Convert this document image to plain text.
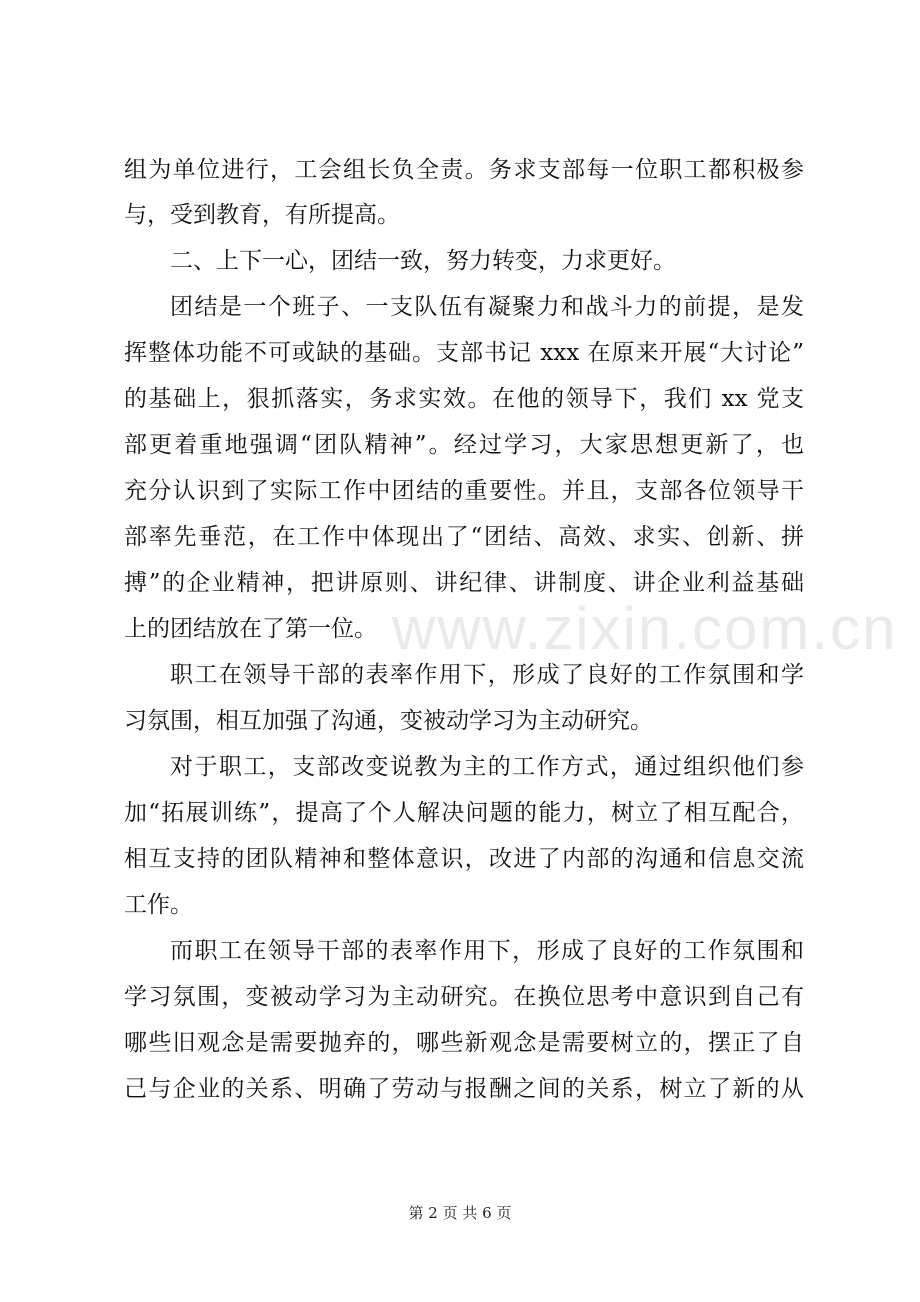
组为单位进行，工会组长负全责。务求支部每一位职工都积极参
与，受到教育，有所提高。
二、上下一心，团结一致，努力转变，力求更好。
团结是一个班子、一支队伍有凝聚力和战斗力的前提，是发
挥整体功能不可或缺的基础。支部书记 xxx 在原来开展“大讨论”
的基础上，狠抓落实，务求实效。在他的领导下，我们 xx 党支
部更着重地强调“团队精神”。经过学习，大家思想更新了，也
充分认识到了实际工作中团结的重要性。并且，支部各位领导干
部率先垂范，在工作中体现出了“团结、高效、求实、创新、拼
搏”的企业精神，把讲原则、讲纪律、讲制度、讲企业利益基础
上的团结放在了第一位。
职工在领导干部的表率作用下，形成了良好的工作氛围和学
习氛围，相互加强了沟通，变被动学习为主动研究。
对于职工，支部改变说教为主的工作方式，通过组织他们参
加“拓展训练”，提高了个人解决问题的能力，树立了相互配合，
相互支持的团队精神和整体意识，改进了内部的沟通和信息交流
工作。
而职工在领导干部的表率作用下，形成了良好的工作氛围和
学习氛围，变被动学习为主动研究。在换位思考中意识到自己有
哪些旧观念是需要抛弃的，哪些新观念是需要树立的，摆正了自
己与企业的关系、明确了劳动与报酬之间的关系，树立了新的从
www.zixin.com.cn
第 2 页 共 6 页
